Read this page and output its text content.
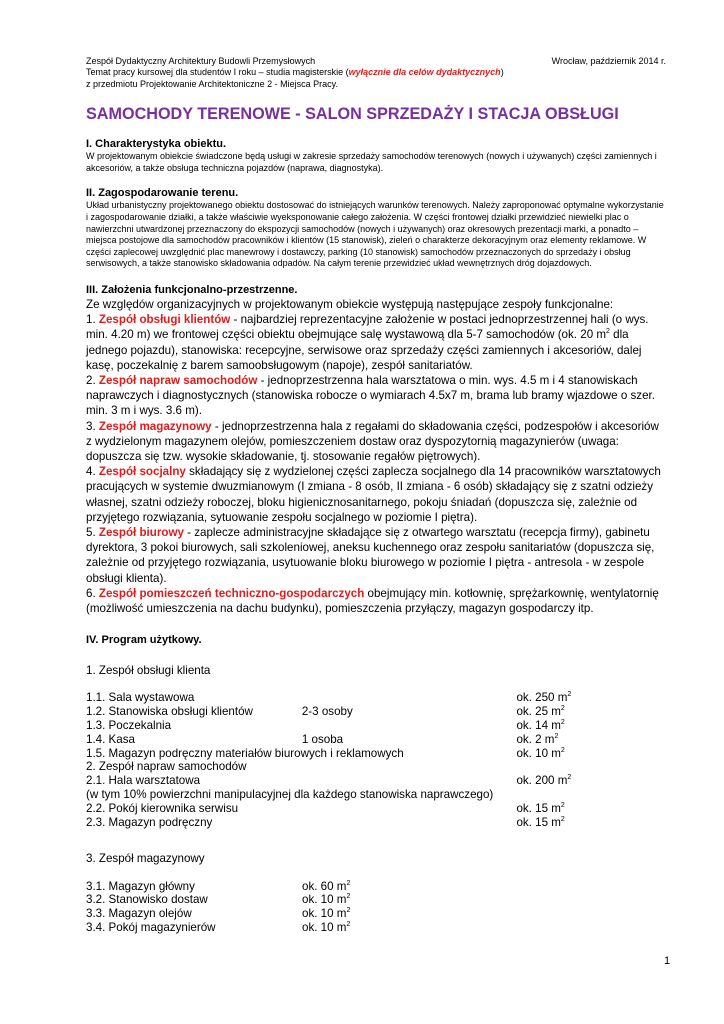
Zespół Dydaktyczny Architektury Budowli Przemysłowych	Wrocław, październik 2014 r.
Temat pracy kursowej dla studentów I roku – studia magisterskie (wyłącznie dla celów dydaktycznych)
z przedmiotu Projektowanie Architektoniczne 2 - Miejsca Pracy.
SAMOCHODY TERENOWE - SALON SPRZEDAŻY I STACJA OBSŁUGI
I. Charakterystyka obiektu.
W projektowanym obiekcie świadczone będą usługi w zakresie sprzedaży samochodów terenowych (nowych i używanych) części zamiennych i akcesoriów, a także obsługa techniczna pojazdów (naprawa, diagnostyka).
II. Zagospodarowanie terenu.
Układ urbanistyczny projektowanego obiektu dostosować do istniejących warunków terenowych. Należy zaproponować optymalne wykorzystanie i zagospodarowanie działki, a także właściwie wyeksponowanie całego założenia. W części frontowej działki przewidzieć niewielki plac o nawierzchni utwardzonej przeznaczony do ekspozycji samochodów (nowych i używanych) oraz okresowych prezentacji marki, a ponadto – miejsca postojowe dla samochodów pracowników i klientów (15 stanowisk), zieleń o charakterze dekoracyjnym oraz elementy reklamowe. W części zaplecowej uwzględnić plac manewrowy i dostawczy, parking (10 stanowisk) samochodów przeznaczonych do sprzedaży i obsług serwisowych, a także stanowisko składowania odpadów. Na całym terenie przewidzieć układ wewnętrznych dróg dojazdowych.
III. Założenia funkcjonalno-przestrzenne.
Ze względów organizacyjnych w projektowanym obiekcie występują następujące zespoły funkcjonalne:
1. Zespół obsługi klientów - najbardziej reprezentacyjne założenie w postaci jednoprzestrzennej hali (o wys. min. 4.20 m) we frontowej części obiektu obejmujące salę wystawową dla 5-7 samochodów (ok. 20 $m^2$ dla jednego pojazdu), stanowiska: recepcyjne, serwisowe oraz sprzedaży części zamiennych i akcesoriów, dalej kasę, poczekalnię z barem samoobsługowym (napoje), zespół sanitariatów.
2. Zespół napraw samochodów - jednoprzestrzenna hala warsztatowa o min. wys. 4.5 m i 4 stanowiskach naprawczych i diagnostycznych (stanowiska robocze o wymiarach 4.5x7 m, brama lub bramy wjazdowe o szer. min. 3 m i wys. 3.6 m).
3. Zespół magazynowy - jednoprzestrzenna hala z regałami do składowania części, podzespołów i akcesoriów z wydzielonym magazynem olejów, pomieszczeniem dostaw oraz dyspozytornią magazynierów (uwaga: dopuszcza się tzw. wysokie składowanie, tj. stosowanie regałów piętrowych).
4. Zespół socjalny składający się z wydzielonej części zaplecza socjalnego dla 14 pracowników warsztatowych pracujących w systemie dwuzmianowym (I zmiana - 8 osób, II zmiana - 6 osób) składający się z szatni odzieży własnej, szatni odzieży roboczej, bloku higienicznosanitarnego, pokoju śniadań (dopuszcza się, zależnie od przyjętego rozwiązania, sytuowanie zespołu socjalnego w poziomie I piętra).
5. Zespół biurowy - zaplecze administracyjne składające się z otwartego warsztatu (recepcja firmy), gabinetu dyrektora, 3 pokoi biurowych, sali szkoleniowej, aneksu kuchennego oraz zespołu sanitariatów (dopuszcza się, zależnie od przyjętego rozwiązania, usytuowanie bloku biurowego w poziomie I piętra - antresola - w zespole obsługi klienta).
6. Zespół pomieszczeń techniczno-gospodarczych obejmujący min. kotłownię, sprężarkownię, wentylatornię (możliwość umieszczenia na dachu budynku), pomieszczenia przyłączy, magazyn gospodarczy itp.
IV. Program użytkowy.
1. Zespół obsługi klienta
1.1. Sala wystawowa		ok. 250 $m^2$
1.2. Stanowiska obsługi klientów	2-3 osoby	ok. 25 $m^2$
1.3. Poczekalnia		ok. 14 $m^2$
1.4. Kasa	1 osoba	ok. 2 $m^2$
1.5. Magazyn podręczny materiałów biurowych i reklamowych		ok. 10 $m^2$
2. Zespół napraw samochodów		
2.1. Hala warsztatowa		ok. 200 $m^2$
(w tym 10% powierzchni manipulacyjnej dla każdego stanowiska naprawczego)		
2.2. Pokój kierownika serwisu		ok. 15 $m^2$
2.3. Magazyn podręczny		ok. 15 $m^2$
3. Zespół magazynowy
3.1. Magazyn główny	ok. 60 $m^2$
3.2. Stanowisko dostaw	ok. 10 $m^2$
3.3. Magazyn olejów	ok. 10 $m^2$
3.4. Pokój magazynierów	ok. 10 $m^2$
1
